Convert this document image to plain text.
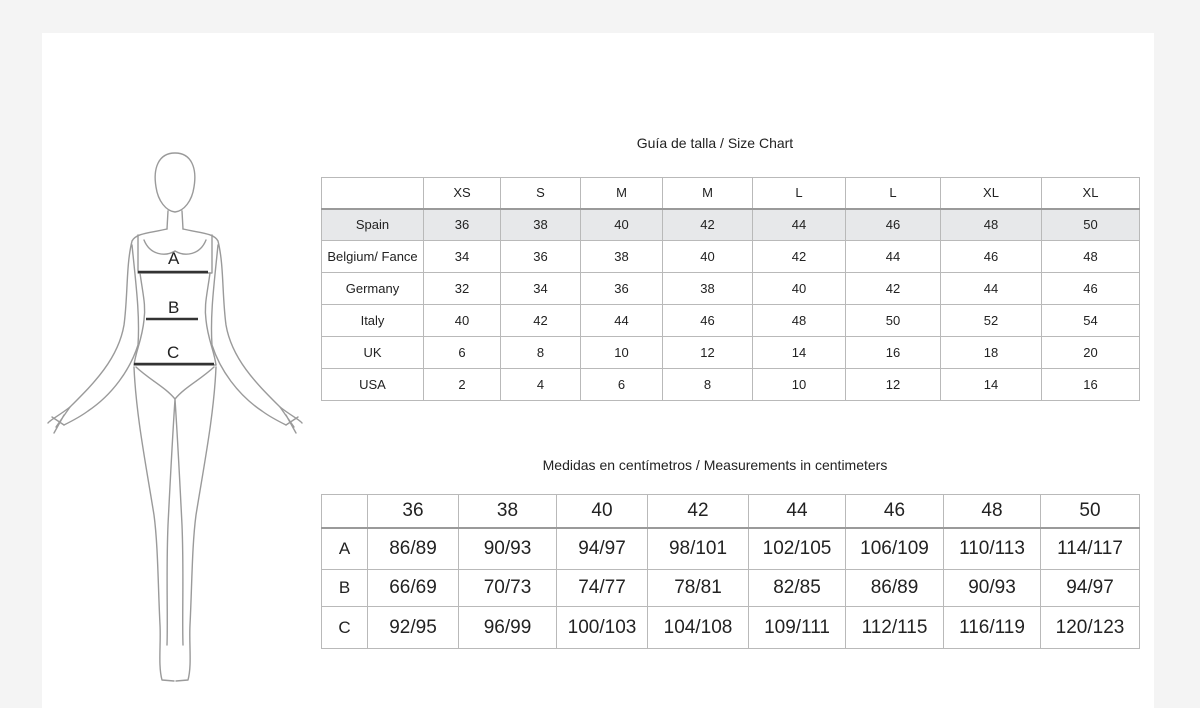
A
B
C
Guía de talla / Size Chart
	XS	S	M	M	L	L	XL	XL
Spain	36	38	40	42	44	46	48	50
Belgium/ Fance	34	36	38	40	42	44	46	48
Germany	32	34	36	38	40	42	44	46
Italy	40	42	44	46	48	50	52	54
UK	6	8	10	12	14	16	18	20
USA	2	4	6	8	10	12	14	16
Medidas en centímetros / Measurements in centimeters
	36	38	40	42	44	46	48	50
A	86/89	90/93	94/97	98/101	102/105	106/109	110/113	114/117
B	66/69	70/73	74/77	78/81	82/85	86/89	90/93	94/97
C	92/95	96/99	100/103	104/108	109/111	112/115	116/119	120/123
